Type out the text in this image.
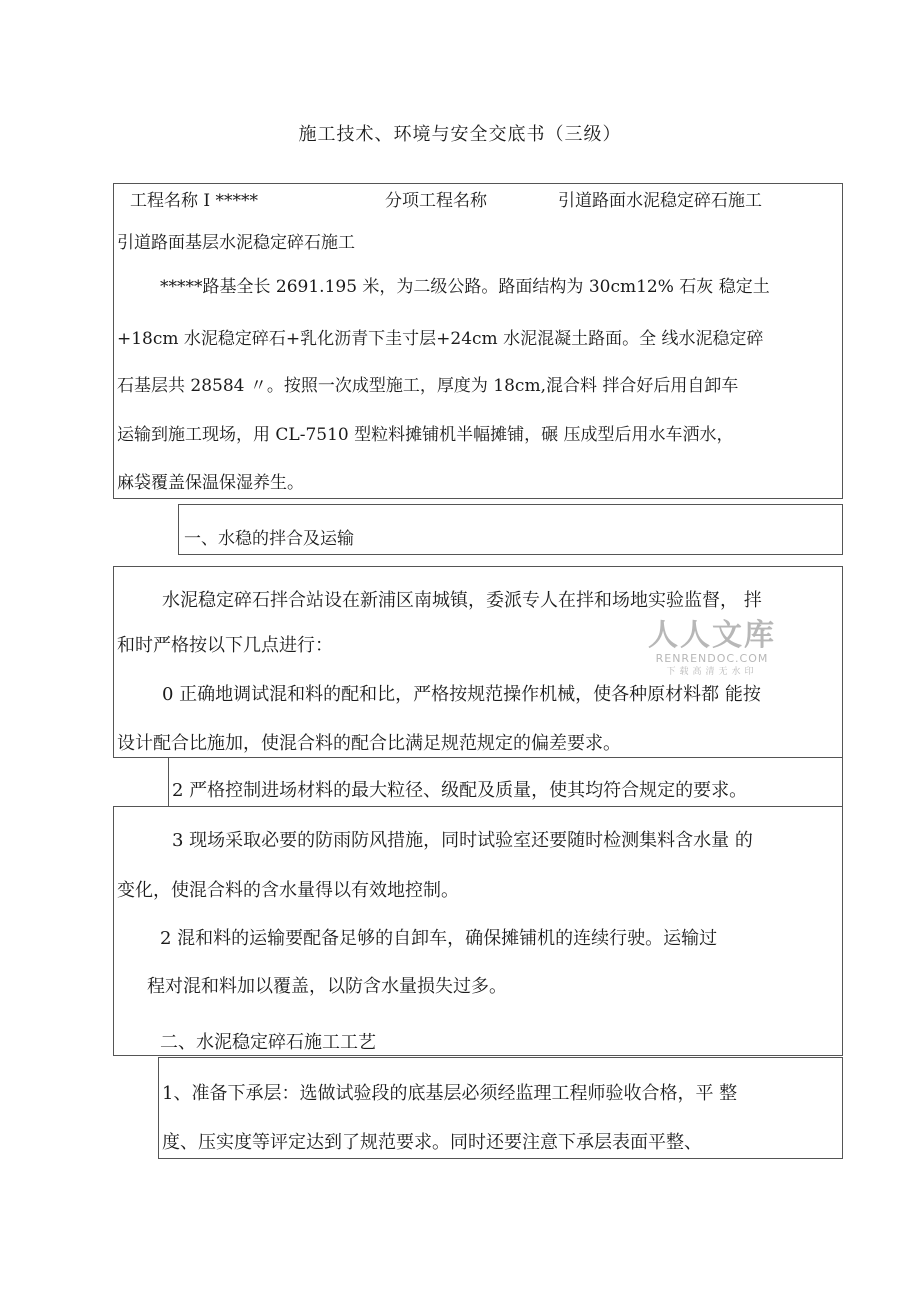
施工技术、环境与安全交底书（三级）
工程名称 I *****	分项工程名称	引道路面水泥稳定碎石施工
引道路面基层水泥稳定碎石施工
*****路基全长 2691.195 米，为二级公路。路面结构为 30cm12% 石灰 稳定土
+18cm 水泥稳定碎石+乳化沥青下圭寸层+24cm 水泥混凝土路面。全 线水泥稳定碎
石基层共 28584 〃。按照一次成型施工，厚度为 18cm,混合料 拌合好后用自卸车
运输到施工现场，用 CL-7510 型粒料摊铺机半幅摊铺，碾 压成型后用水车洒水，
麻袋覆盖保温保湿养生。
一、水稳的拌合及运输
水泥稳定碎石拌合站设在新浦区南城镇，委派专人在拌和场地实验监督， 拌
和时严格按以下几点进行：	人人文库
RENRENDOC.COM
下载高清无水印
0 正确地调试混和料的配和比，严格按规范操作机械，使各种原材料都 能按
设计配合比施加，使混合料的配合比满足规范规定的偏差要求。
2 严格控制进场材料的最大粒径、级配及质量，使其均符合规定的要求。
3 现场采取必要的防雨防风措施，同时试验室还要随时检测集料含水量 的
变化，使混合料的含水量得以有效地控制。
2 混和料的运输要配备足够的自卸车，确保摊铺机的连续行驶。运输过
程对混和料加以覆盖，以防含水量损失过多。
二、水泥稳定碎石施工工艺
1、准备下承层：选做试验段的底基层必须经监理工程师验收合格，平 整
度、压实度等评定达到了规范要求。同时还要注意下承层表面平整、
